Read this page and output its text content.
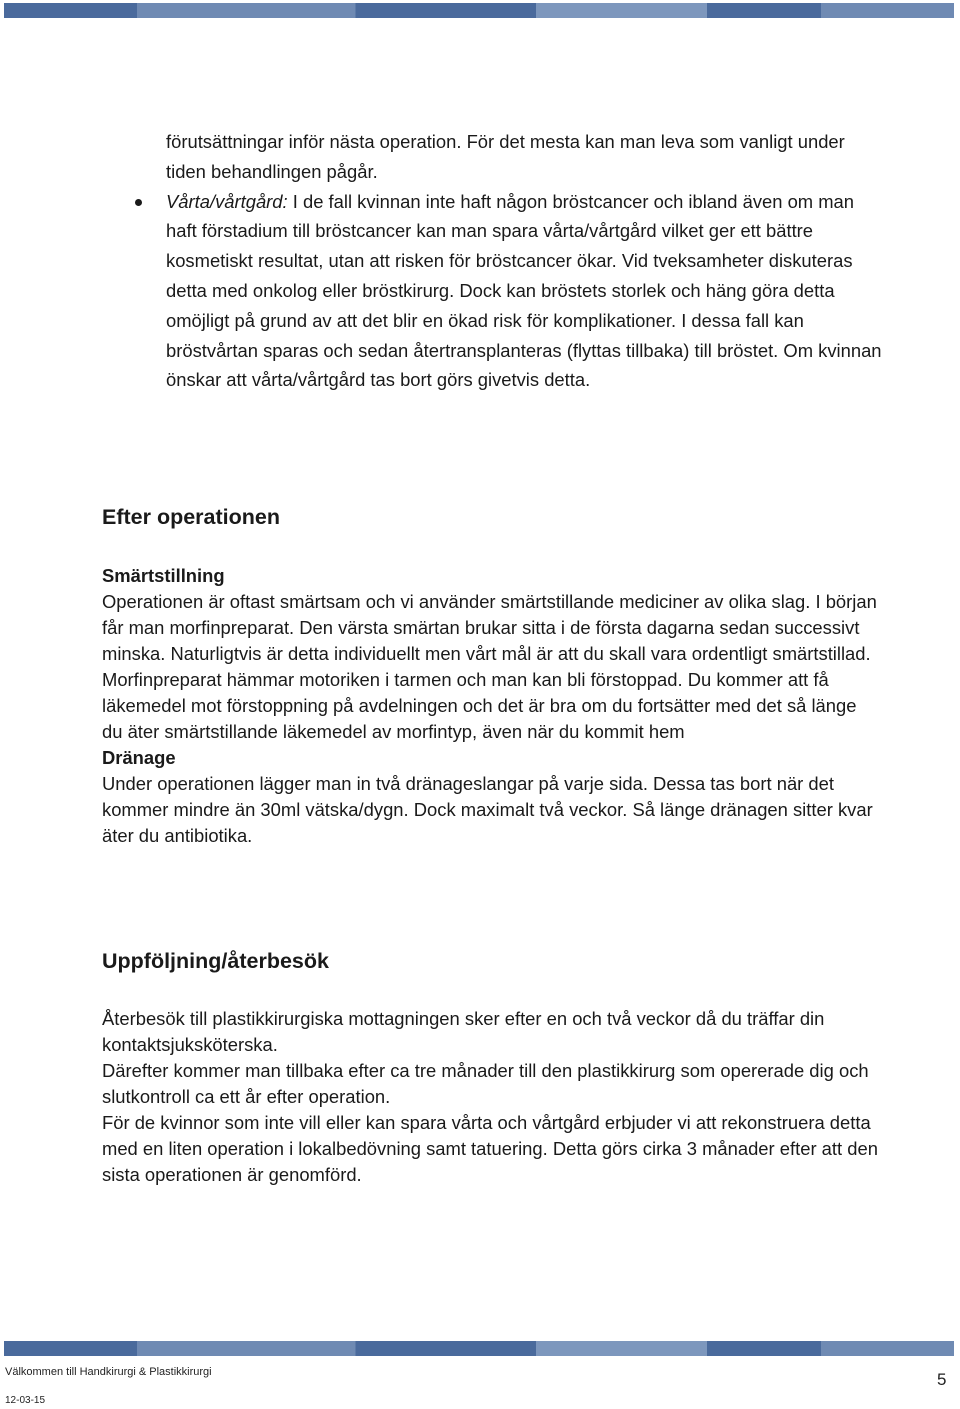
förutsättningar inför nästa operation. För det mesta kan man leva som vanligt under tiden behandlingen pågår.

Vårta/vårtgård: I de fall kvinnan inte haft någon bröstcancer och ibland även om man haft förstadium till bröstcancer kan man spara vårta/vårtgård vilket ger ett bättre kosmetiskt resultat, utan att risken för bröstcancer ökar. Vid tveksamheter diskuteras detta med onkolog eller bröstkirurg. Dock kan bröstets storlek och häng göra detta omöjligt på grund av att det blir en ökad risk för komplikationer. I dessa fall kan bröstvårtan sparas och sedan återtransplanteras (flyttas tillbaka) till bröstet. Om kvinnan önskar att vårta/vårtgård tas bort görs givetvis detta.
Efter operationen
Smärtstillning

Operationen är oftast smärtsam och vi använder smärtstillande mediciner av olika slag. I början får man morfinpreparat. Den värsta smärtan brukar sitta i de första dagarna sedan successivt minska. Naturligtvis är detta individuellt men vårt mål är att du skall vara ordentligt smärtstillad.

Morfinpreparat hämmar motoriken i tarmen och man kan bli förstoppad. Du kommer att få läkemedel mot förstoppning på avdelningen och det är bra om du fortsätter med det så länge du äter smärtstillande läkemedel av morfintyp, även när du kommit hem

Dränage

Under operationen lägger man in två dränageslangar på varje sida. Dessa tas bort när det kommer mindre än 30ml vätska/dygn. Dock maximalt två veckor. Så länge dränagen sitter kvar äter du antibiotika.

Uppföljning/återbesök

Återbesök till plastikkirurgiska mottagningen sker efter en och två veckor då du träffar din kontaktsjuksköterska.

Därefter kommer man tillbaka efter ca tre månader till den plastikkirurg som opererade dig och slutkontroll ca ett år efter operation.

För de kvinnor som inte vill eller kan spara vårta och vårtgård erbjuder vi att rekonstruera detta med en liten operation i lokalbedövning samt tatuering. Detta görs cirka 3 månader efter att den sista operationen är genomförd.

Välkommen till Handkirurgi & Plastikkirurgi
12-03-15
5
